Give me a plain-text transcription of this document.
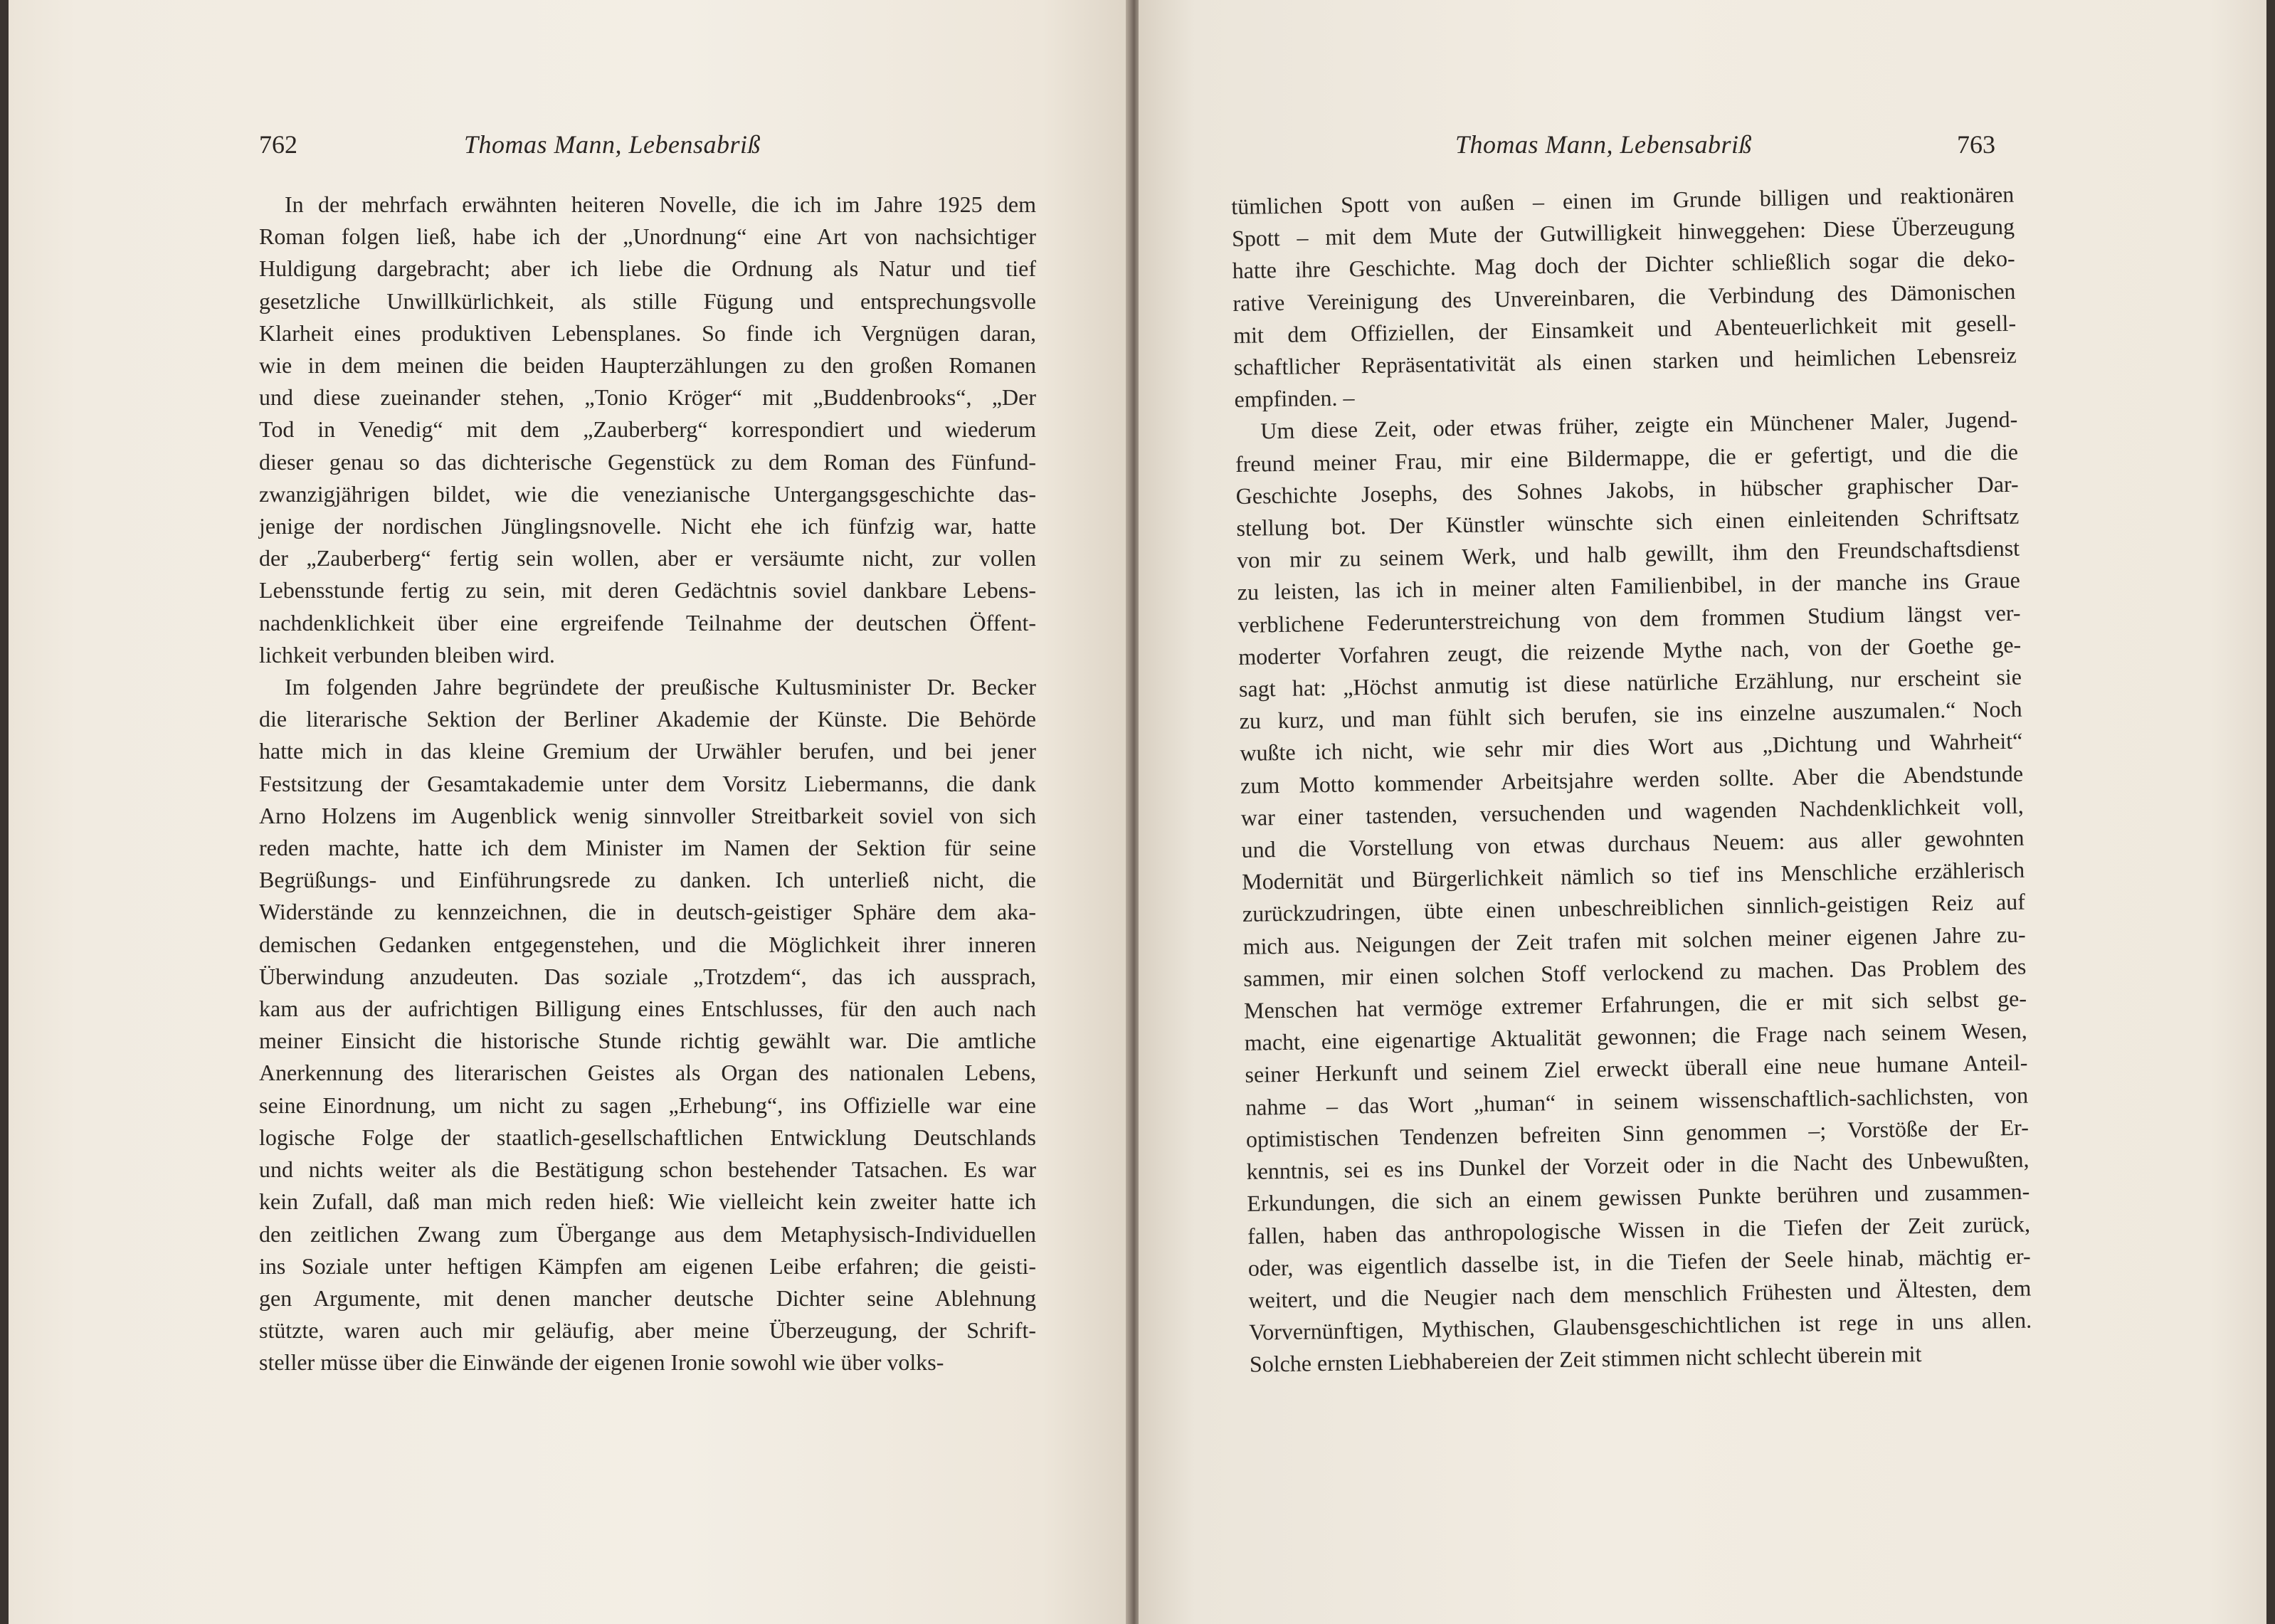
762	Thomas Mann, Lebensabriß

In der mehrfach erwähnten heiteren Novelle, die ich im Jahre 1925 dem
Roman folgen ließ, habe ich der „Unordnung“ eine Art von nachsichtiger
Huldigung dargebracht; aber ich liebe die Ordnung als Natur und tief
gesetzliche Unwillkürlichkeit, als stille Fügung und entsprechungsvolle
Klarheit eines produktiven Lebensplanes. So finde ich Vergnügen daran,
wie in dem meinen die beiden Haupterzählungen zu den großen Romanen
und diese zueinander stehen, „Tonio Kröger“ mit „Buddenbrooks“, „Der
Tod in Venedig“ mit dem „Zauberberg“ korrespondiert und wiederum
dieser genau so das dichterische Gegenstück zu dem Roman des Fünfund-
zwanzigjährigen bildet, wie die venezianische Untergangsgeschichte das-
jenige der nordischen Jünglingsnovelle. Nicht ehe ich fünfzig war, hatte
der „Zauberberg“ fertig sein wollen, aber er versäumte nicht, zur vollen
Lebensstunde fertig zu sein, mit deren Gedächtnis soviel dankbare Lebens-
nachdenklichkeit über eine ergreifende Teilnahme der deutschen Öffent-
lichkeit verbunden bleiben wird.

Im folgenden Jahre begründete der preußische Kultusminister Dr. Becker
die literarische Sektion der Berliner Akademie der Künste. Die Behörde
hatte mich in das kleine Gremium der Urwähler berufen, und bei jener
Festsitzung der Gesamtakademie unter dem Vorsitz Liebermanns, die dank
Arno Holzens im Augenblick wenig sinnvoller Streitbarkeit soviel von sich
reden machte, hatte ich dem Minister im Namen der Sektion für seine
Begrüßungs- und Einführungsrede zu danken. Ich unterließ nicht, die
Widerstände zu kennzeichnen, die in deutsch-geistiger Sphäre dem aka-
demischen Gedanken entgegenstehen, und die Möglichkeit ihrer inneren
Überwindung anzudeuten. Das soziale „Trotzdem“, das ich aussprach,
kam aus der aufrichtigen Billigung eines Entschlusses, für den auch nach
meiner Einsicht die historische Stunde richtig gewählt war. Die amtliche
Anerkennung des literarischen Geistes als Organ des nationalen Lebens,
seine Einordnung, um nicht zu sagen „Erhebung“, ins Offizielle war eine
logische Folge der staatlich-gesellschaftlichen Entwicklung Deutschlands
und nichts weiter als die Bestätigung schon bestehender Tatsachen. Es war
kein Zufall, daß man mich reden hieß: Wie vielleicht kein zweiter hatte ich
den zeitlichen Zwang zum Übergange aus dem Metaphysisch-Individuellen
ins Soziale unter heftigen Kämpfen am eigenen Leibe erfahren; die geisti-
gen Argumente, mit denen mancher deutsche Dichter seine Ablehnung
stützte, waren auch mir geläufig, aber meine Überzeugung, der Schrift-
steller müsse über die Einwände der eigenen Ironie sowohl wie über volks-

Thomas Mann, Lebensabriß	763

tümlichen Spott von außen – einen im Grunde billigen und reaktionären
Spott – mit dem Mute der Gutwilligkeit hinweggehen: Diese Überzeugung
hatte ihre Geschichte. Mag doch der Dichter schließlich sogar die deko-
rative Vereinigung des Unvereinbaren, die Verbindung des Dämonischen
mit dem Offiziellen, der Einsamkeit und Abenteuerlichkeit mit gesell-
schaftlicher Repräsentativität als einen starken und heimlichen Lebensreiz
empfinden. –

Um diese Zeit, oder etwas früher, zeigte ein Münchener Maler, Jugend-
freund meiner Frau, mir eine Bildermappe, die er gefertigt, und die die
Geschichte Josephs, des Sohnes Jakobs, in hübscher graphischer Dar-
stellung bot. Der Künstler wünschte sich einen einleitenden Schriftsatz
von mir zu seinem Werk, und halb gewillt, ihm den Freundschaftsdienst
zu leisten, las ich in meiner alten Familienbibel, in der manche ins Graue
verblichene Federunterstreichung von dem frommen Studium längst ver-
moderter Vorfahren zeugt, die reizende Mythe nach, von der Goethe ge-
sagt hat: „Höchst anmutig ist diese natürliche Erzählung, nur erscheint sie
zu kurz, und man fühlt sich berufen, sie ins einzelne auszumalen.“ Noch
wußte ich nicht, wie sehr mir dies Wort aus „Dichtung und Wahrheit“
zum Motto kommender Arbeitsjahre werden sollte. Aber die Abendstunde
war einer tastenden, versuchenden und wagenden Nachdenklichkeit voll,
und die Vorstellung von etwas durchaus Neuem: aus aller gewohnten
Modernität und Bürgerlichkeit nämlich so tief ins Menschliche erzählerisch
zurückzudringen, übte einen unbeschreiblichen sinnlich-geistigen Reiz auf
mich aus. Neigungen der Zeit trafen mit solchen meiner eigenen Jahre zu-
sammen, mir einen solchen Stoff verlockend zu machen. Das Problem des
Menschen hat vermöge extremer Erfahrungen, die er mit sich selbst ge-
macht, eine eigenartige Aktualität gewonnen; die Frage nach seinem Wesen,
seiner Herkunft und seinem Ziel erweckt überall eine neue humane Anteil-
nahme – das Wort „human“ in seinem wissenschaftlich-sachlichsten, von
optimistischen Tendenzen befreiten Sinn genommen –; Vorstöße der Er-
kenntnis, sei es ins Dunkel der Vorzeit oder in die Nacht des Unbewußten,
Erkundungen, die sich an einem gewissen Punkte berühren und zusammen-
fallen, haben das anthropologische Wissen in die Tiefen der Zeit zurück,
oder, was eigentlich dasselbe ist, in die Tiefen der Seele hinab, mächtig er-
weitert, und die Neugier nach dem menschlich Frühesten und Ältesten, dem
Vorvernünftigen, Mythischen, Glaubensgeschichtlichen ist rege in uns allen.
Solche ernsten Liebhabereien der Zeit stimmen nicht schlecht überein mit
